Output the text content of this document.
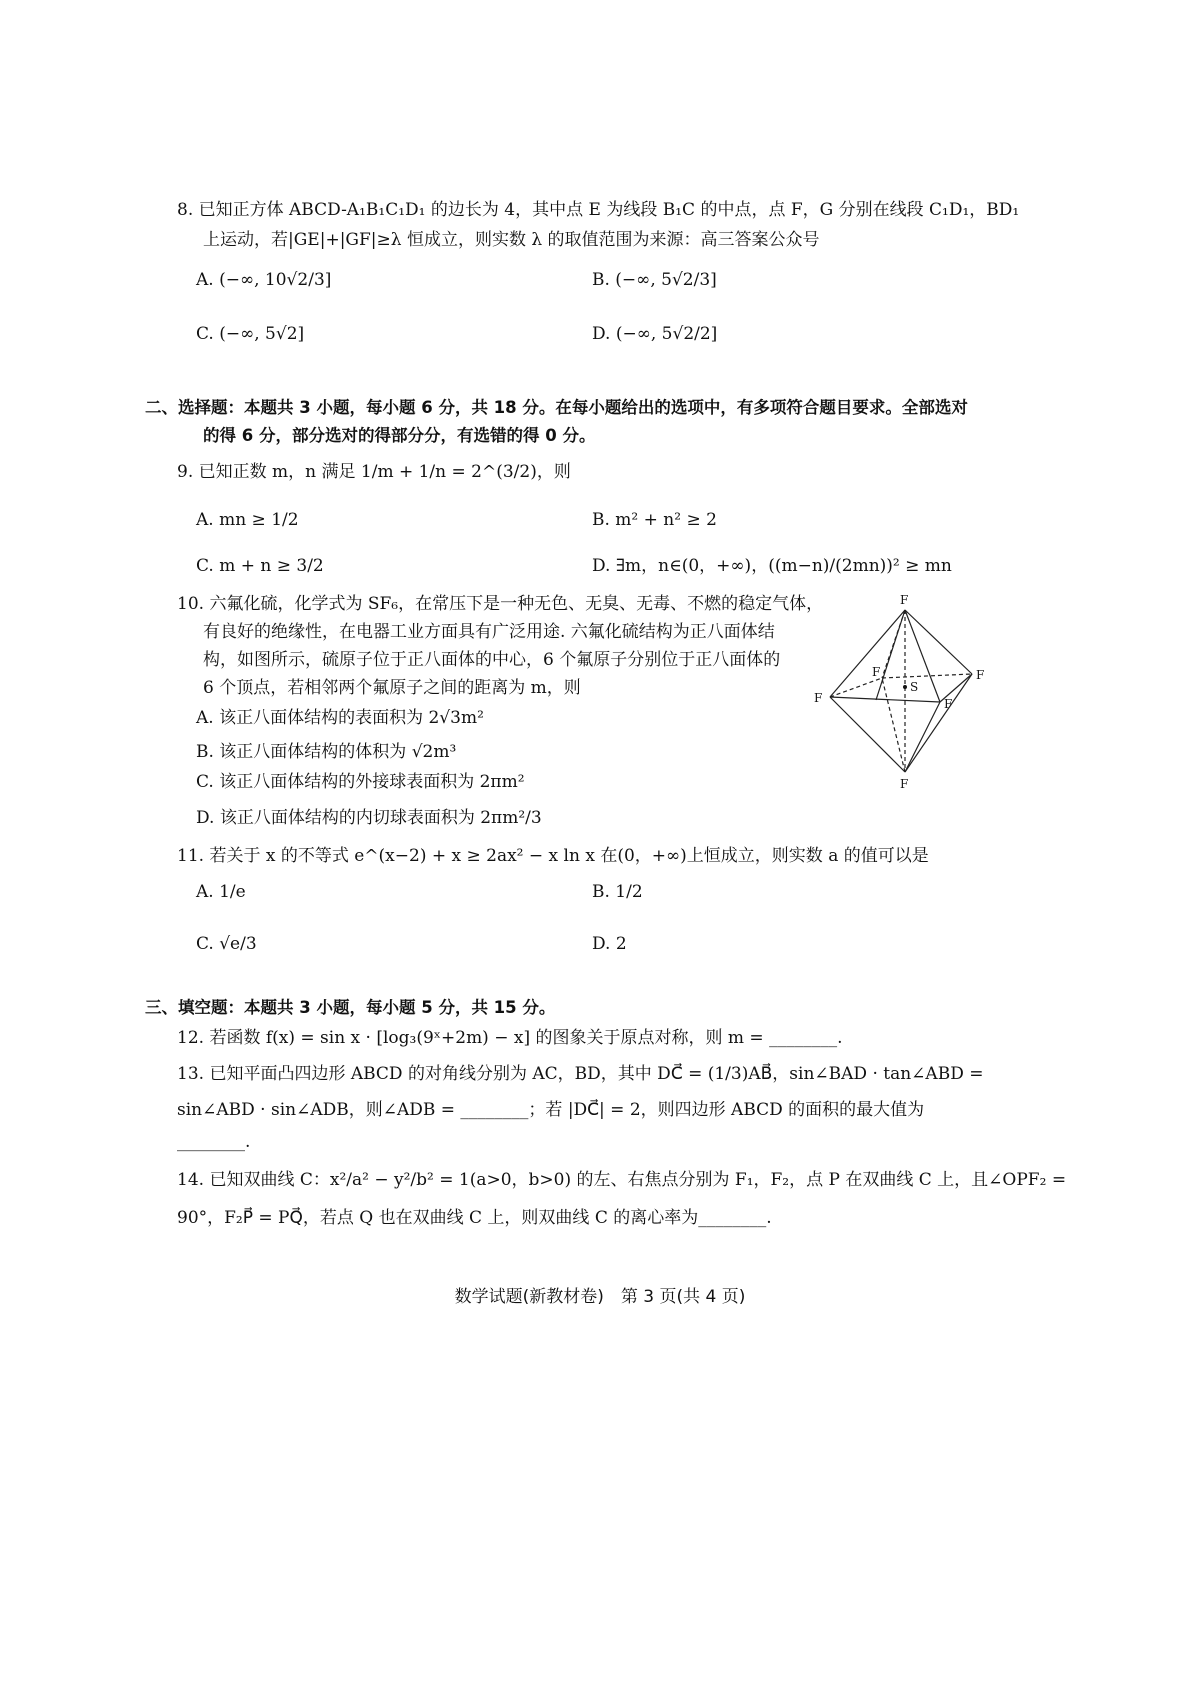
8. 已知正方体 ABCD-A₁B₁C₁D₁ 的边长为 4，其中点 E 为线段 B₁C 的中点，点 F，G 分别在线段 C₁D₁，BD₁
上运动，若|GE|+|GF|≥λ 恒成立，则实数 λ 的取值范围为来源：高三答案公众号
A. (−∞, 10√2/3]	B. (−∞, 5√2/3]
C. (−∞, 5√2]	D. (−∞, 5√2/2]
二、选择题：本题共 3 小题，每小题 6 分，共 18 分。在每小题给出的选项中，有多项符合题目要求。全部选对
的得 6 分，部分选对的得部分分，有选错的得 0 分。
9. 已知正数 m，n 满足 1/m + 1/n = 2^(3/2)，则
A. mn ≥ 1/2	B. m² + n² ≥ 2
C. m + n ≥ 3/2	D. ∃m，n∈(0，+∞)，((m−n)/(2mn))² ≥ mn
10. 六氟化硫，化学式为 SF₆，在常压下是一种无色、无臭、无毒、不燃的稳定气体，
有良好的绝缘性，在电器工业方面具有广泛用途. 六氟化硫结构为正八面体结
构，如图所示，硫原子位于正八面体的中心，6 个氟原子分别位于正八面体的
6 个顶点，若相邻两个氟原子之间的距离为 m，则
A. 该正八面体结构的表面积为 2√3m²
B. 该正八面体结构的体积为 √2m³
C. 该正八面体结构的外接球表面积为 2πm²
D. 该正八面体结构的内切球表面积为 2πm²/3
F
F
F
F
F
F
S
11. 若关于 x 的不等式 e^(x−2) + x ≥ 2ax² − x ln x 在(0，+∞)上恒成立，则实数 a 的值可以是
A. 1/e	B. 1/2
C. √e/3	D. 2
三、填空题：本题共 3 小题，每小题 5 分，共 15 分。
12. 若函数 f(x) = sin x · [log₃(9ˣ+2m) − x] 的图象关于原点对称，则 m = ________.
13. 已知平面凸四边形 ABCD 的对角线分别为 AC，BD，其中 DC⃗ = (1/3)AB⃗，sin∠BAD · tan∠ABD =
sin∠ABD · sin∠ADB，则∠ADB = ________；若 |DC⃗| = 2，则四边形 ABCD 的面积的最大值为
________.
14. 已知双曲线 C：x²/a² − y²/b² = 1(a>0，b>0) 的左、右焦点分别为 F₁，F₂，点 P 在双曲线 C 上，且∠OPF₂ =
90°，F₂P⃗ = PQ⃗，若点 Q 也在双曲线 C 上，则双曲线 C 的离心率为________.
数学试题(新教材卷)　第 3 页(共 4 页)
